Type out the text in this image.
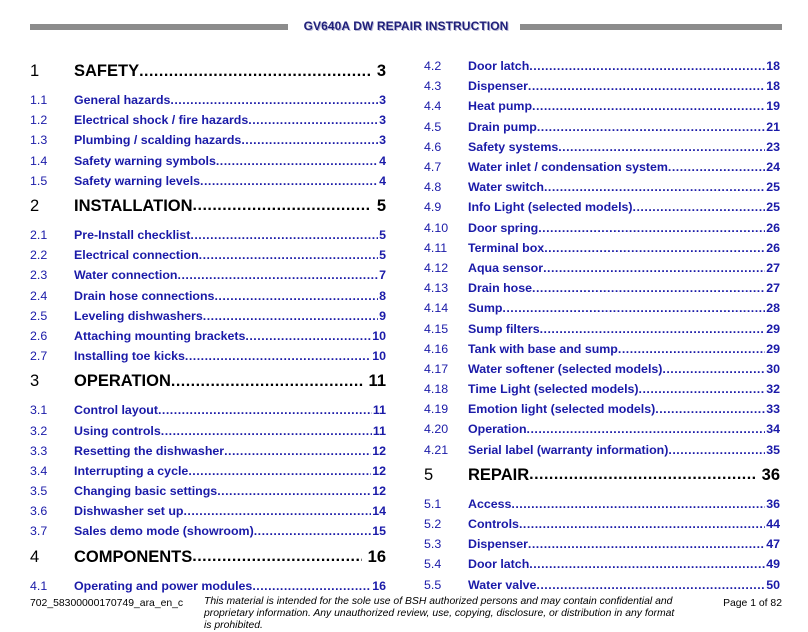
GV640A DW REPAIR INSTRUCTION
1	SAFETY .....	3
1.1	General hazards .....	3
1.2	Electrical shock / fire hazards .....	3
1.3	Plumbing / scalding hazards .....	3
1.4	Safety warning symbols .....	4
1.5	Safety warning levels .....	4
2	INSTALLATION .....	5
2.1	Pre-Install checklist .....	5
2.2	Electrical connection .....	5
2.3	Water connection .....	7
2.4	Drain hose connections .....	8
2.5	Leveling dishwashers .....	9
2.6	Attaching mounting brackets .....	10
2.7	Installing toe kicks .....	10
3	OPERATION .....	11
3.1	Control layout .....	11
3.2	Using controls .....	11
3.3	Resetting the dishwasher .....	12
3.4	Interrupting a cycle .....	12
3.5	Changing basic settings .....	12
3.6	Dishwasher set up .....	14
3.7	Sales demo mode (showroom) .....	15
4	COMPONENTS .....	16
4.1	Operating and power modules .....	16
4.2	Door latch .....	18
4.3	Dispenser .....	18
4.4	Heat pump .....	19
4.5	Drain pump .....	21
4.6	Safety systems .....	23
4.7	Water inlet / condensation system .....	24
4.8	Water switch .....	25
4.9	Info Light (selected models) .....	25
4.10	Door spring .....	26
4.11	Terminal box .....	26
4.12	Aqua sensor .....	27
4.13	Drain hose .....	27
4.14	Sump .....	28
4.15	Sump filters .....	29
4.16	Tank with base and sump .....	29
4.17	Water softener (selected models) .....	30
4.18	Time Light (selected models) .....	32
4.19	Emotion light (selected models) .....	33
4.20	Operation .....	34
4.21	Serial label (warranty information) .....	35
5	REPAIR .....	36
5.1	Access .....	36
5.2	Controls .....	44
5.3	Dispenser .....	47
5.4	Door latch .....	49
5.5	Water valve .....	50
702_58300000170749_ara_en_c This material is intended for the sole use of BSH authorized persons and may contain confidential and proprietary information. Any unauthorized review, use, copying, disclosure, or distribution in any format is prohibited.
Page 1 of 82
